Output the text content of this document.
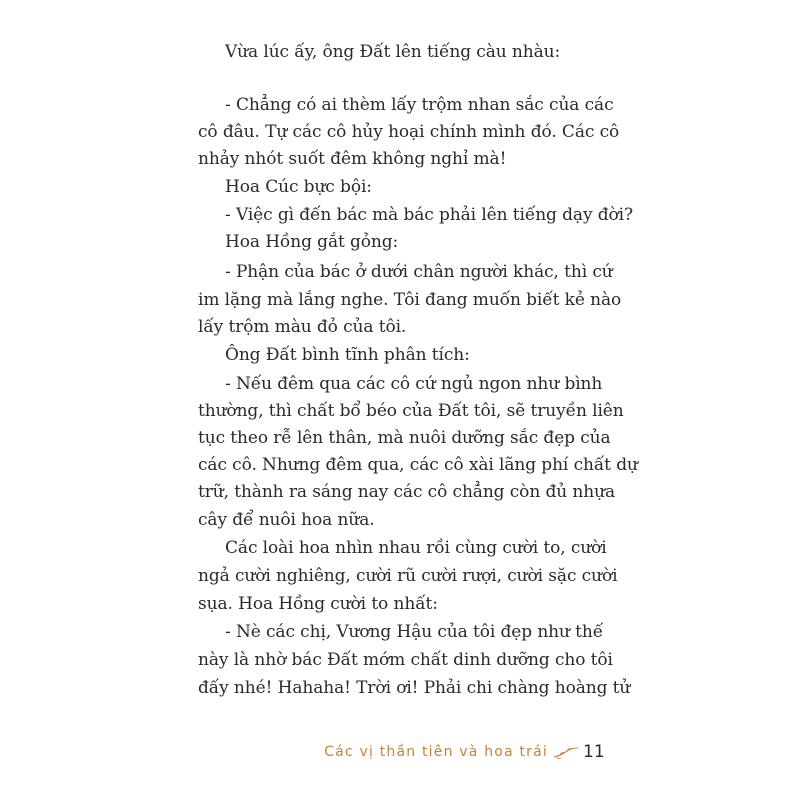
Vừa lúc ấy, ông Đất lên tiếng càu nhàu:
- Chẳng có ai thèm lấy trộm nhan sắc của các
cô đâu. Tự các cô hủy hoại chính mình đó. Các cô
nhảy nhót suốt đêm không nghỉ mà!
Hoa Cúc bực bội:
- Việc gì đến bác mà bác phải lên tiếng dạy đời?
Hoa Hồng gắt gỏng:
- Phận của bác ở dưới chân người khác, thì cứ
im lặng mà lắng nghe. Tôi đang muốn biết kẻ nào
lấy trộm màu đỏ của tôi.
Ông Đất bình tĩnh phân tích:
- Nếu đêm qua các cô cứ ngủ ngon như bình
thường, thì chất bổ béo của Đất tôi, sẽ truyền liên
tục theo rễ lên thân, mà nuôi dưỡng sắc đẹp của
các cô. Nhưng đêm qua, các cô xài lãng phí chất dự
trữ, thành ra sáng nay các cô chẳng còn đủ nhựa
cây để nuôi hoa nữa.
Các loài hoa nhìn nhau rồi cùng cười to, cười
ngả cười nghiêng, cười rũ cười rượi, cười sặc cười
sụa. Hoa Hồng cười to nhất:
- Nè các chị, Vương Hậu của tôi đẹp như thế
này là nhờ bác Đất mớm chất dinh dưỡng cho tôi
đấy nhé! Hahaha! Trời ơi! Phải chi chàng hoàng tử
Các vị thần tiên và hoa trái 11
